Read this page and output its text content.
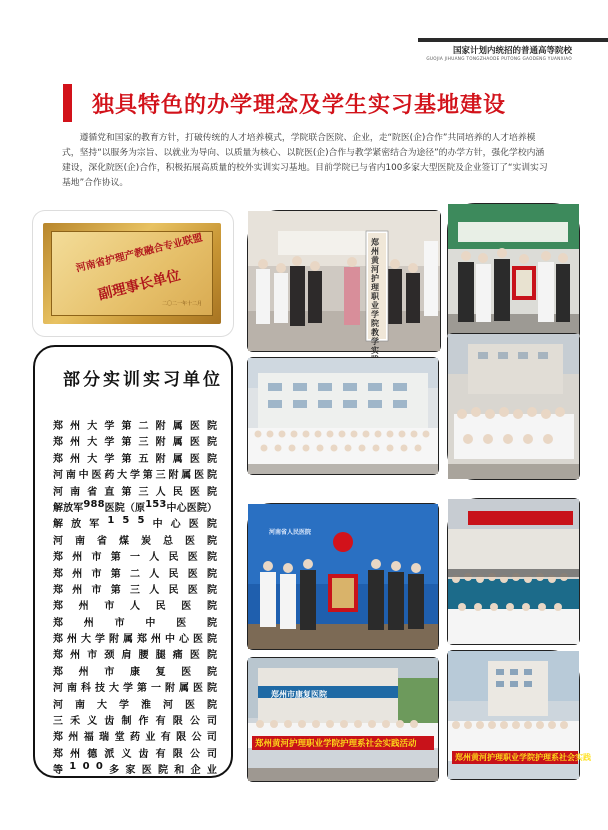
国家计划内统招的普通高等院校
GUOJIA JIHUANG TONGZHAODE PUTONG GAODENG YUANXIAO
独具特色的办学理念及学生实习基地建设

遵循党和国家的教育方针，打破传统的人才培养模式，学院联合医院、企业，走“院医(企)合作”共同培养的人才培养模式，坚持“以服务为宗旨、以就业为导向、以质量为核心、以院医(企)合作与教学紧密结合为途径”的办学方针，强化学校内涵建设，深化院医(企)合作，积极拓展高质量的校外实训实习基地。目前学院已与省内100多家大型医院及企业签订了“实训实习基地”合作协议。

河南省护理产教融合专业联盟
副理事长单位
二〇二一年十二月
部分实训实习单位
郑 州 大 学 第 二 附 属 医 院
郑 州 大 学 第 三 附 属 医 院
郑 州 大 学 第 五 附 属 医 院
河 南 中 医 药 大 学 第 三 附 属 医 院
河 南 省 直 第 三 人 民 医 院
解 放 军 9 8 8 医 院 （ 原 1 5 3 中 心 医 院 ）
解 放 军 1 5 5 中 心 医 院
河 南 省 煤 炭 总 医 院
郑 州 市 第 一 人 民 医 院
郑 州 市 第 二 人 民 医 院
郑 州 市 第 三 人 民 医 院
郑 州 市 人 民 医 院
郑 州 市 中 医 院
郑 州 大 学 附 属 郑 州 中 心 医 院
郑 州 市 颈 肩 腰 腿 痛 医 院
郑 州 市 康 复 医 院
河 南 科 技 大 学 第 一 附 属 医 院
河 南 大 学 淮 河 医 院
三 禾 义 齿 制 作 有 限 公 司
郑 州 福 瑞 堂 药 业 有 限 公 司
郑 州 德 派 义 齿 有 限 公 司
等 1 0 0 多 家 医 院 和 企 业
郑州黄河护理职业学院教学实
河南省人民医院
郑州市康复医院
郑州黄河护理职业学院护理系社会实践活动
郑州黄河护理职业学院护理系社会实践
